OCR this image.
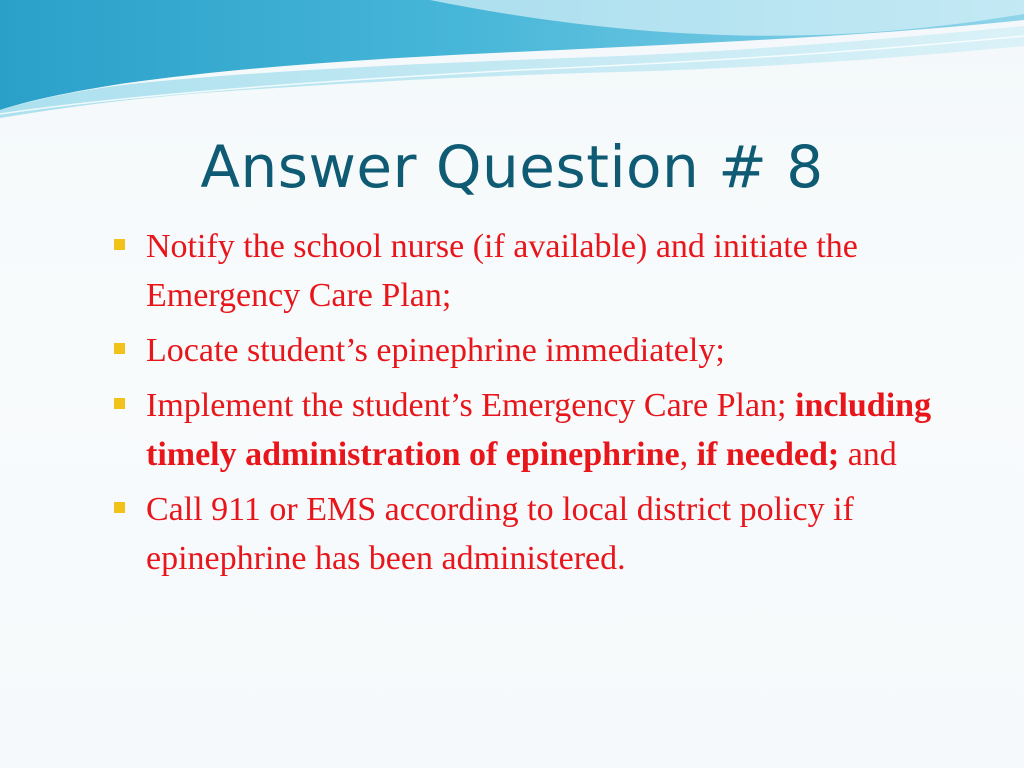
Answer Question # 8
Notify the school nurse (if available) and initiate the Emergency Care Plan;
Locate student’s epinephrine immediately;
Implement the student’s Emergency Care Plan; including timely administration of epinephrine, if needed; and
Call 911 or EMS according to local district policy if epinephrine has been administered.
